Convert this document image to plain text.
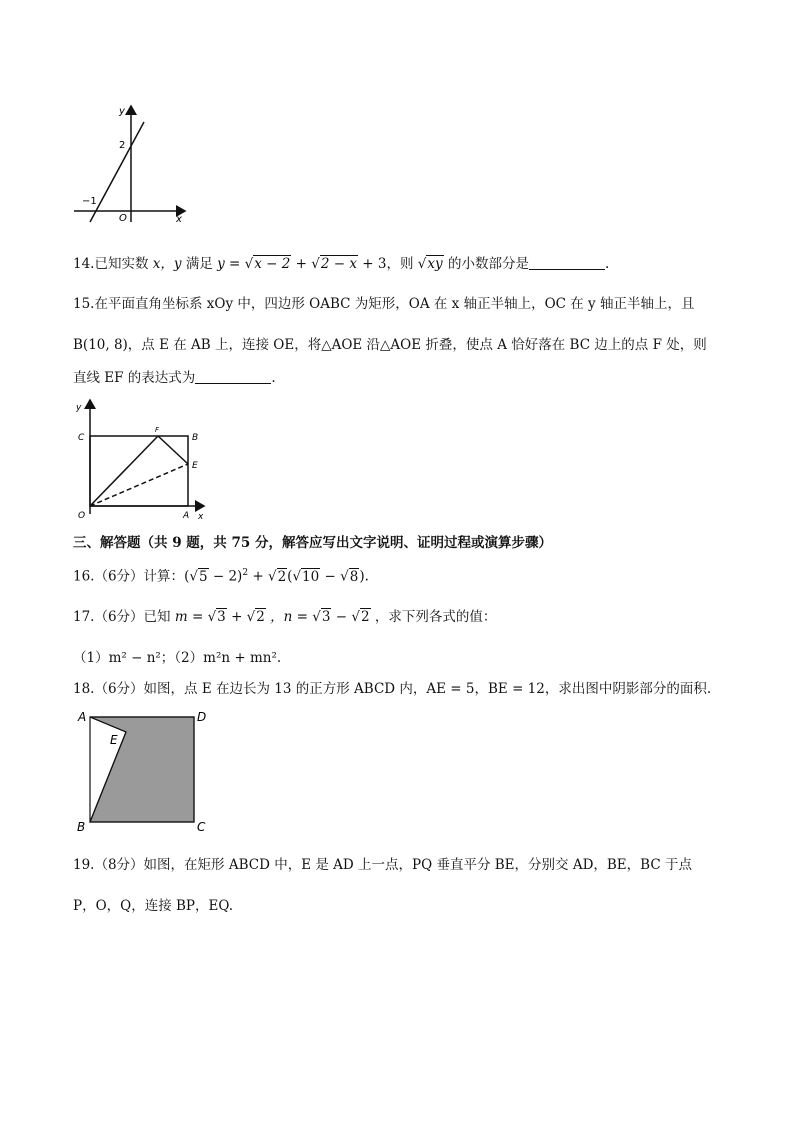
y
x
2
−1
O
14.已知实数 x，y 满足 y = √x − 2 + √2 − x + 3，则 √xy 的小数部分是	.
15.在平面直角坐标系 xOy 中，四边形 OABC 为矩形，OA 在 x 轴正半轴上，OC 在 y 轴正半轴上，且
B(10, 8)，点 E 在 AB 上，连接 OE，将△AOE 沿△AOE 折叠，使点 A 恰好落在 BC 边上的点 F 处，则
直线 EF 的表达式为	.
y
C
F
B
E
O	A x
三、解答题（共 9 题，共 75 分，解答应写出文字说明、证明过程或演算步骤）
16.（6分）计算：$(√5 - 2)^2 + √2(√10 - √8)$.
17.（6分）已知 m = √3 + √2 ，n = √3 − √2 ，求下列各式的值：
（1）m² − n²；（2）m²n + mn².
18.（6分）如图，点 E 在边长为 13 的正方形 ABCD 内，AE = 5，BE = 12，求出图中阴影部分的面积.
A	D
E
B	C
19.（8分）如图，在矩形 ABCD 中，E 是 AD 上一点，PQ 垂直平分 BE，分别交 AD，BE，BC 于点
P，O，Q，连接 BP，EQ.
